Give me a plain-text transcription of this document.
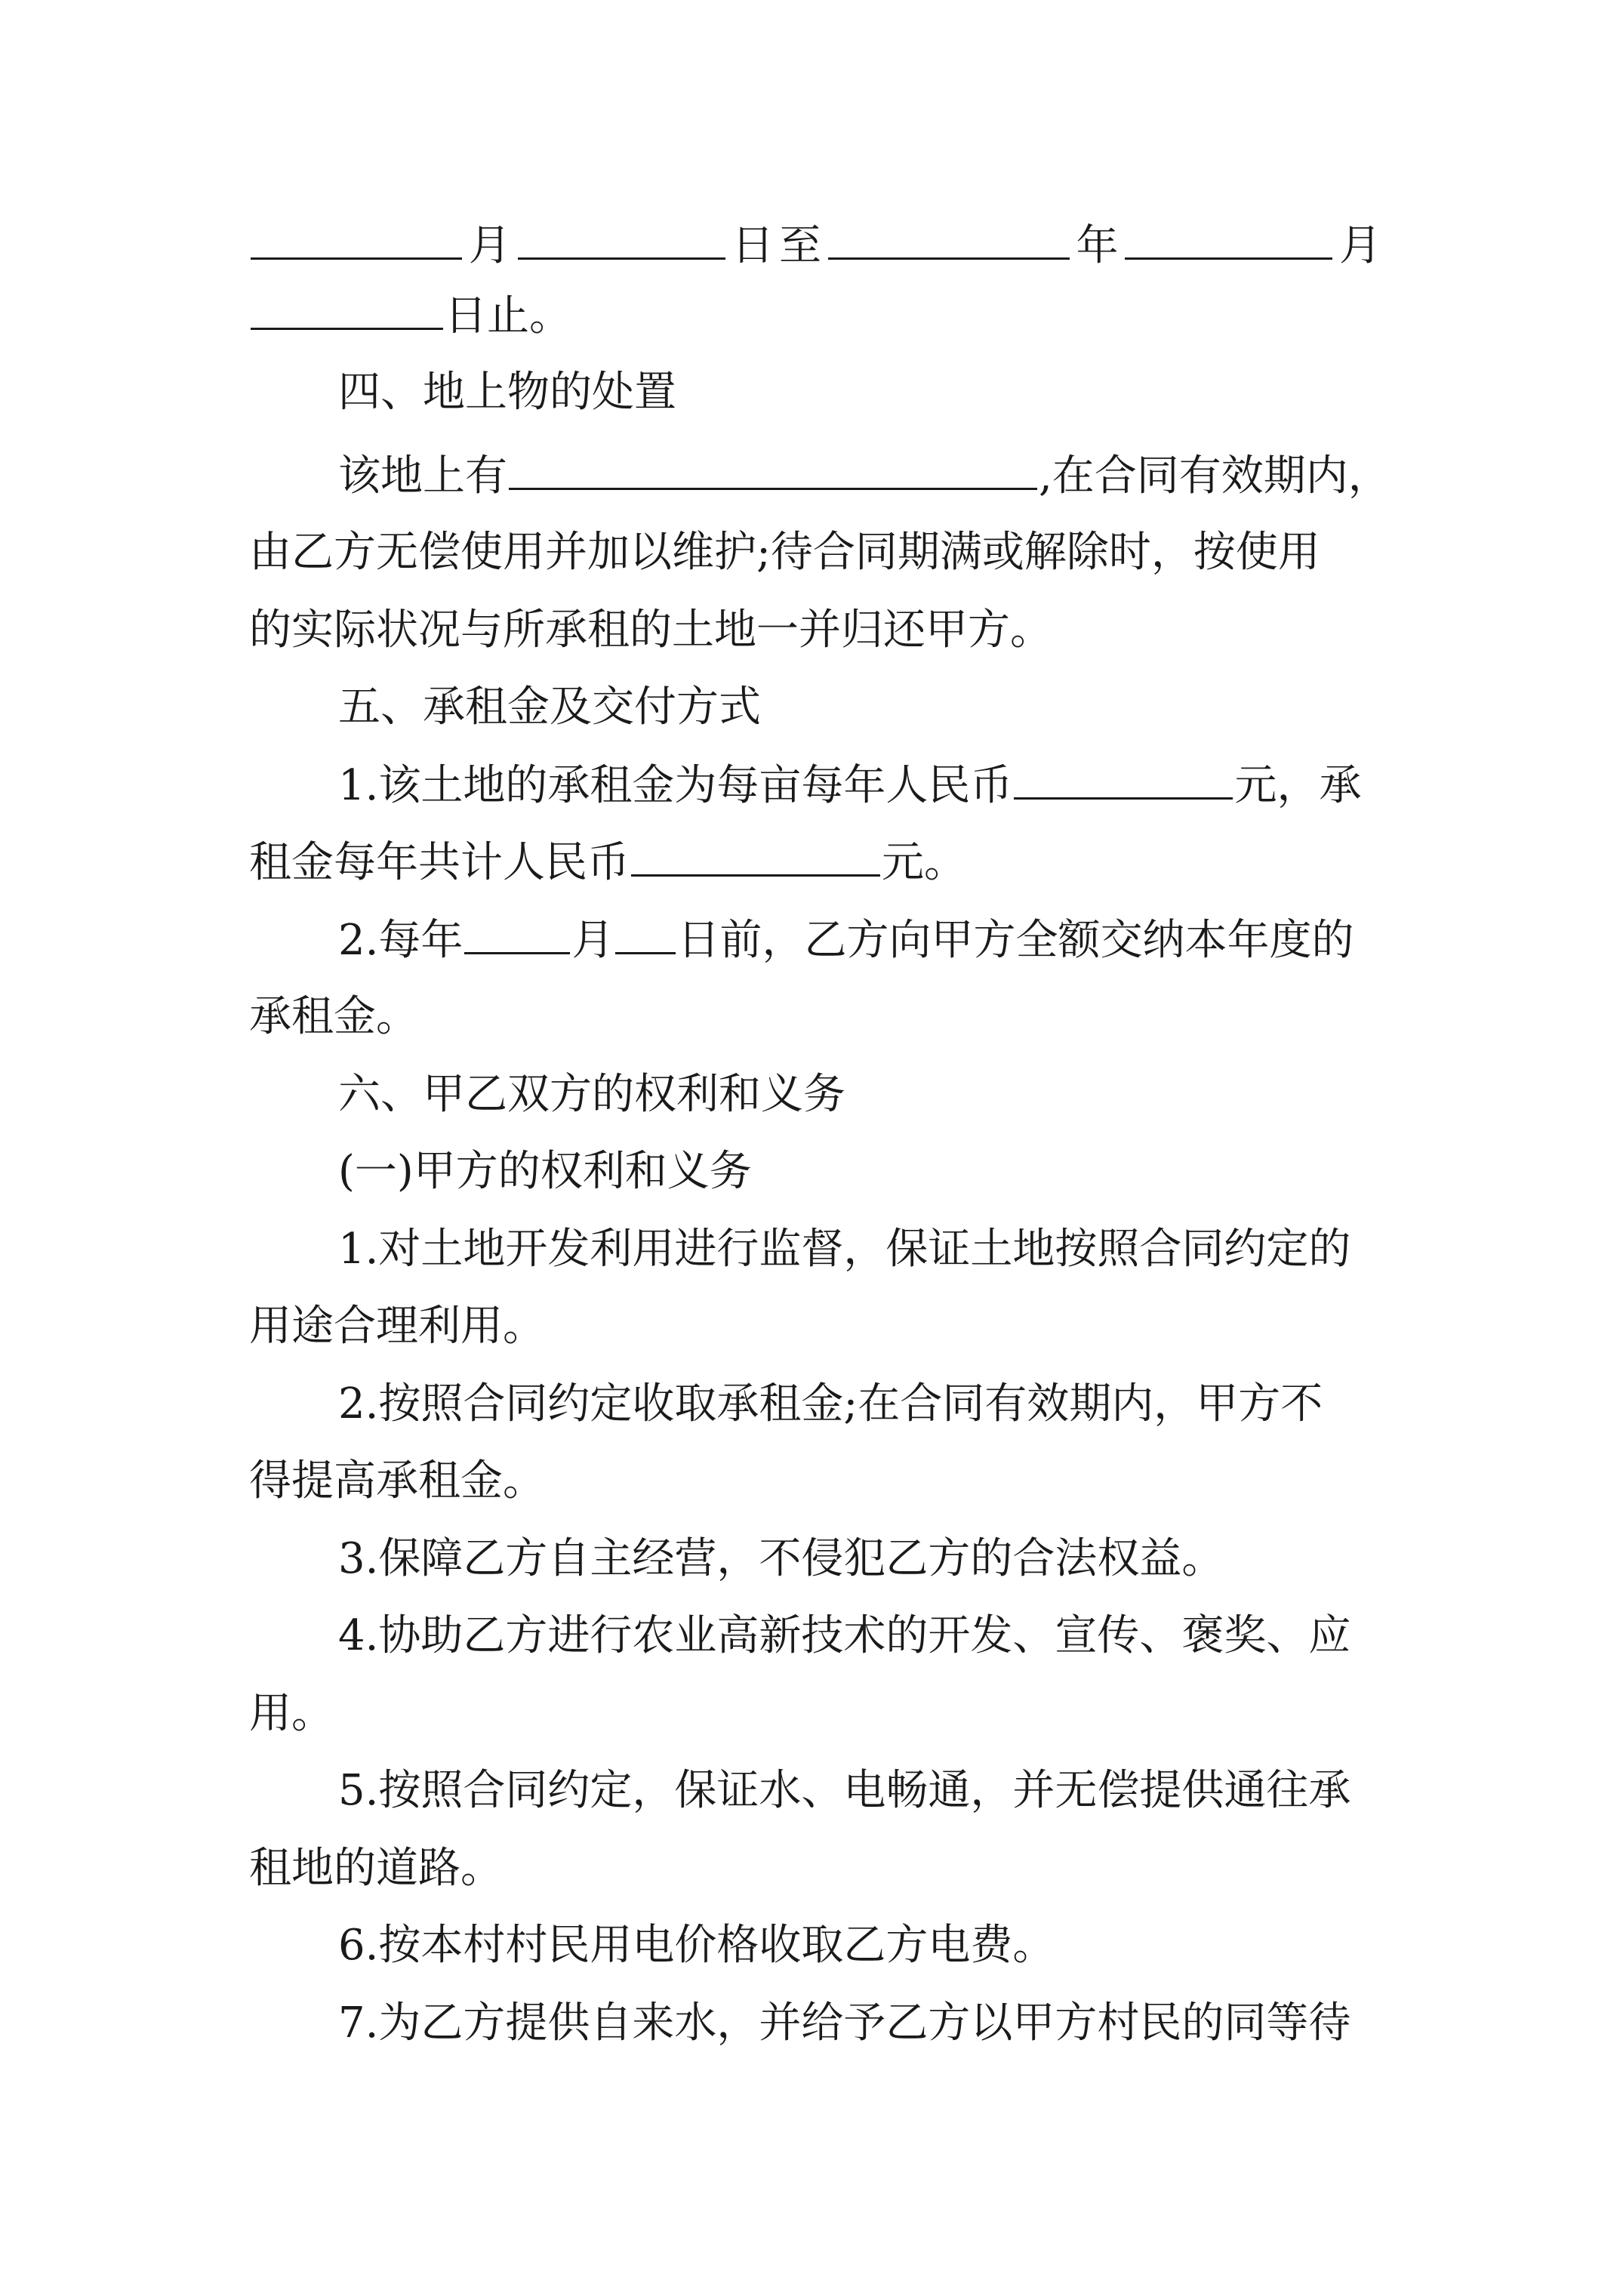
月	日至	年	月
日止。
四、地上物的处置
该地上有	,在合同有效期内，
由乙方无偿使用并加以维护;待合同期满或解除时，按使用
的实际状况与所承租的土地一并归还甲方。
五、承租金及交付方式
1.该土地的承租金为每亩每年人民币	元，承
租金每年共计人民币	元。
2.每年	月 日前，乙方向甲方全额交纳本年度的
承租金。
六、甲乙双方的权利和义务
(一)甲方的权利和义务
1.对土地开发利用进行监督，保证土地按照合同约定的
用途合理利用。
2.按照合同约定收取承租金;在合同有效期内，甲方不
得提高承租金。
3.保障乙方自主经营，不侵犯乙方的合法权益。
4.协助乙方进行农业高新技术的开发、宣传、褒奖、应
用。
5.按照合同约定，保证水、电畅通，并无偿提供通往承
租地的道路。
6.按本村村民用电价格收取乙方电费。
7.为乙方提供自来水，并给予乙方以甲方村民的同等待
